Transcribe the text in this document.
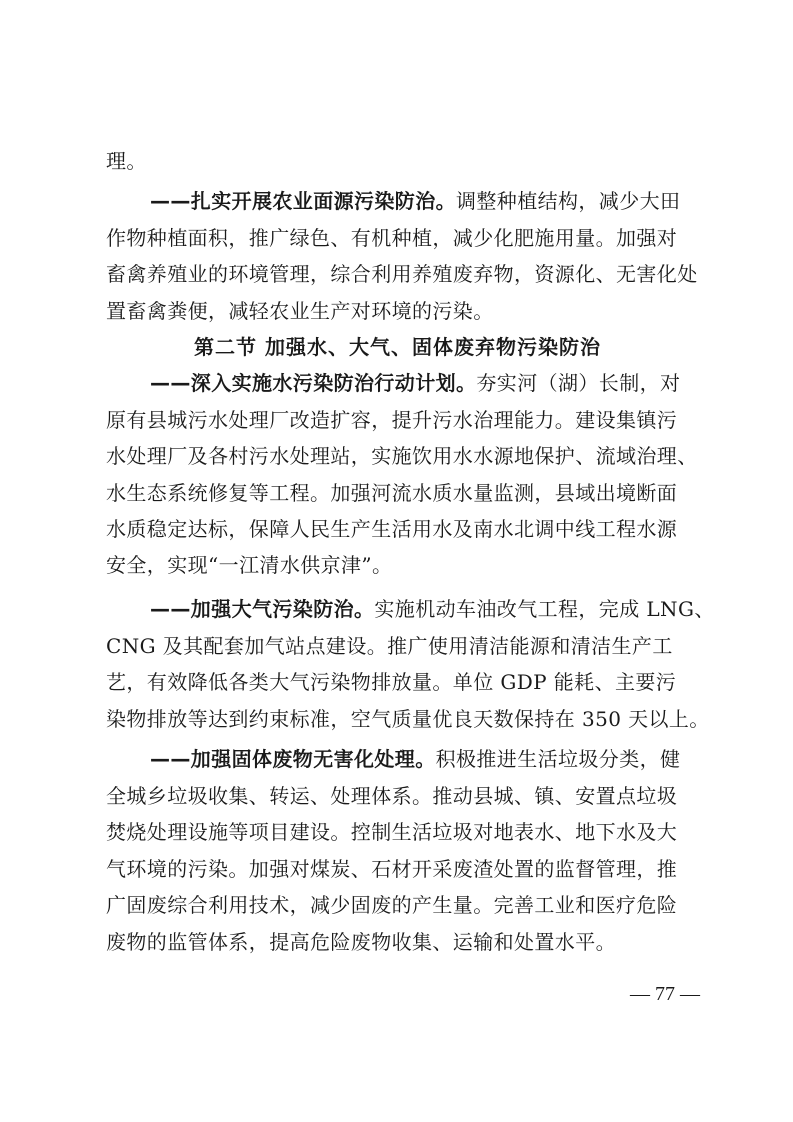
理。
——扎实开展农业面源污染防治。调整种植结构，减少大田
作物种植面积，推广绿色、有机种植，减少化肥施用量。加强对
畜禽养殖业的环境管理，综合利用养殖废弃物，资源化、无害化处
置畜禽粪便，减轻农业生产对环境的污染。
第二节 加强水、大气、固体废弃物污染防治
——深入实施水污染防治行动计划。夯实河（湖）长制，对
原有县城污水处理厂改造扩容，提升污水治理能力。建设集镇污
水处理厂及各村污水处理站，实施饮用水水源地保护、流域治理、
水生态系统修复等工程。加强河流水质水量监测，县域出境断面
水质稳定达标，保障人民生产生活用水及南水北调中线工程水源
安全，实现“一江清水供京津”。
——加强大气污染防治。实施机动车油改气工程，完成 LNG、
CNG 及其配套加气站点建设。推广使用清洁能源和清洁生产工
艺，有效降低各类大气污染物排放量。单位 GDP 能耗、主要污
染物排放等达到约束标准，空气质量优良天数保持在 350 天以上。
——加强固体废物无害化处理。积极推进生活垃圾分类，健
全城乡垃圾收集、转运、处理体系。推动县城、镇、安置点垃圾
焚烧处理设施等项目建设。控制生活垃圾对地表水、地下水及大
气环境的污染。加强对煤炭、石材开采废渣处置的监督管理，推
广固废综合利用技术，减少固废的产生量。完善工业和医疗危险
废物的监管体系，提高危险废物收集、运输和处置水平。
— 77 —
